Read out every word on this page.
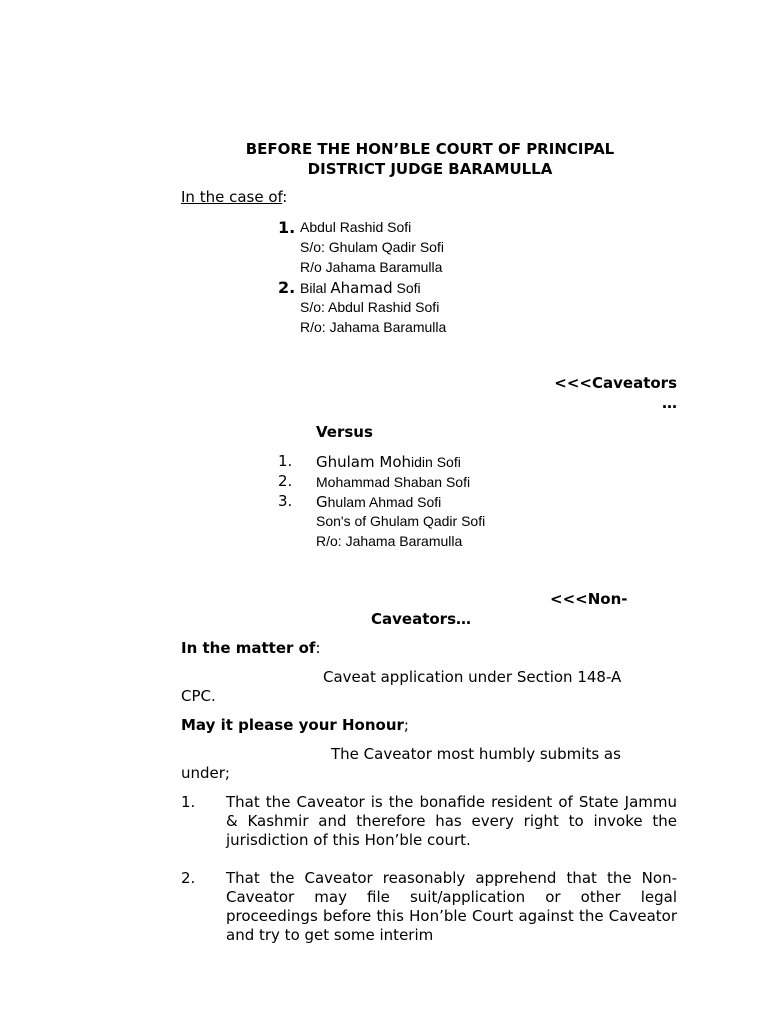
BEFORE THE HON’BLE COURT OF PRINCIPAL
DISTRICT JUDGE BARAMULLA
In the case of:
1. Abdul Rashid Sofi
S/o: Ghulam Qadir Sofi
R/o Jahama Baramulla
2. Bilal Ahamad Sofi
S/o: Abdul Rashid Sofi
R/o: Jahama Baramulla
<<<Caveators
…
Versus
1. Ghulam Mohidin Sofi
2. Mohammad Shaban Sofi
3. Ghulam Ahmad Sofi
Son's of Ghulam Qadir Sofi
R/o: Jahama Baramulla
<<<Non-
Caveators…
In the matter of:
Caveat application under Section 148-A
CPC.
May it please your Honour;
The Caveator most humbly submits as
under;
1. That the Caveator is the bonafide resident of State Jammu & Kashmir and therefore has every right to invoke the jurisdiction of this Hon’ble court.
2. That the Caveator reasonably apprehend that the Non-Caveator may file suit/application or other legal proceedings before this Hon’ble Court against the Caveator and try to get some interim
